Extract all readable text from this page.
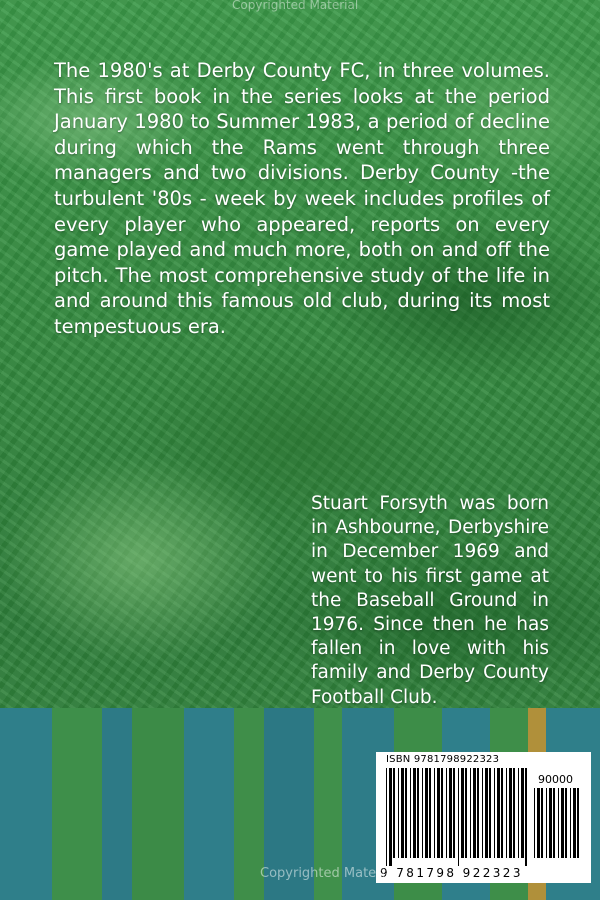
Copyrighted Material

The 1980's at Derby County FC, in three volumes. This first book in the series looks at the period January 1980 to Summer 1983, a period of decline during which the Rams went through three managers and two divisions. Derby County -the turbulent '80s - week by week includes profiles of every player who appeared, reports on every game played and much more, both on and off the pitch. The most comprehensive study of the life in and around this famous old club, during its most tempestuous era.

Stuart Forsyth was born in Ashbourne, Derbyshire in December 1969 and went to his first game at the Baseball Ground in 1976. Since then he has fallen in love with his family and Derby County Football Club.

ISBN 9781798922323
90000
9 781798 922323
Copyrighted Material
